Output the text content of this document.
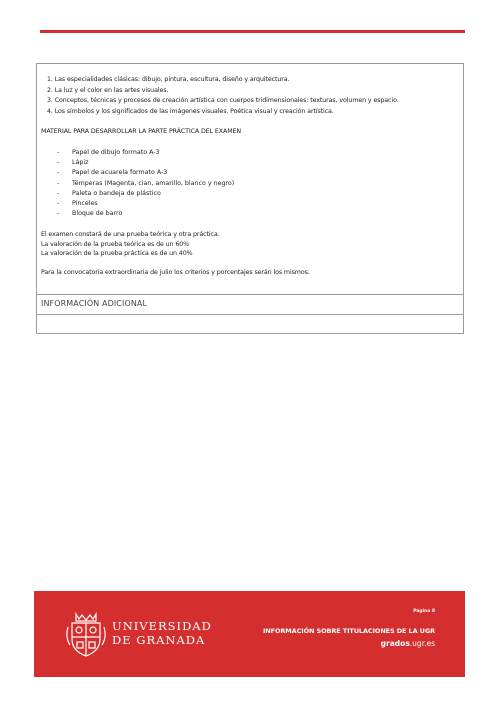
1. Las especialidades clásicas: dibujo, pintura, escultura, diseño y arquitectura.
2. La luz y el color en las artes visuales.
3. Conceptos, técnicas y procesos de creación artística con cuerpos tridimensionales: texturas, volumen y espacio.
4. Los símbolos y los significados de las imágenes visuales. Poética visual y creación artística.
MATERIAL PARA DESARROLLAR LA PARTE PRÁCTICA DEL EXAMEN
- Papel de dibujo formato A-3
- Lápiz
- Papel de acuarela formato A-3
- Témperas (Magenta, cian, amarillo, blanco y negro)
- Paleta o bandeja de plástico
- Pinceles
- Bloque de barro

El examen constará de una prueba teórica y otra práctica.

La valoración de la prueba teórica es de un 60%

La valoración de la prueba práctica es de un 40%

Para la convocatoria extraordinaria de julio los criterios y porcentajes serán los mismos.
INFORMACIÓN ADICIONAL
UNIVERSIDAD
DE GRANADA
Página 8
INFORMACIÓN SOBRE TITULACIONES DE LA UGR
grados.ugr.es
